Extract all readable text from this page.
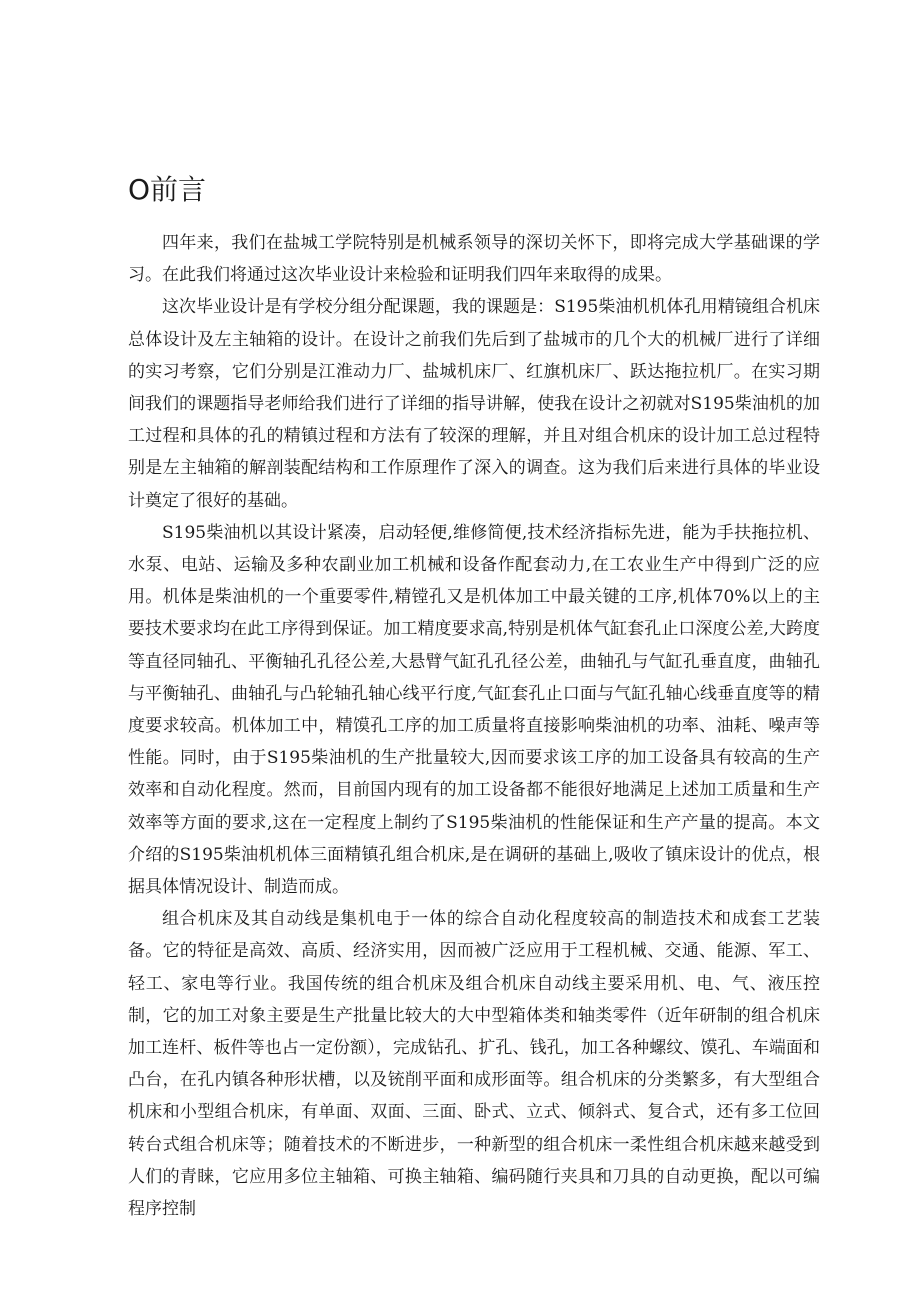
O前言

四年来，我们在盐城工学院特别是机械系领导的深切关怀下，即将完成大学基础课的学习。在此我们将通过这次毕业设计来检验和证明我们四年来取得的成果。

这次毕业设计是有学校分组分配课题，我的课题是：S195柴油机机体孔用精镜组合机床总体设计及左主轴箱的设计。在设计之前我们先后到了盐城市的几个大的机械厂进行了详细的实习考察，它们分别是江淮动力厂、盐城机床厂、红旗机床厂、跃达拖拉机厂。在实习期间我们的课题指导老师给我们进行了详细的指导讲解，使我在设计之初就对S195柴油机的加工过程和具体的孔的精镇过程和方法有了较深的理解，并且对组合机床的设计加工总过程特别是左主轴箱的解剖装配结构和工作原理作了深入的调查。这为我们后来进行具体的毕业设计奠定了很好的基础。

S195柴油机以其设计紧凑，启动轻便,维修简便,技术经济指标先进，能为手扶拖拉机、水泵、电站、运输及多种农副业加工机械和设备作配套动力,在工农业生产中得到广泛的应用。机体是柴油机的一个重要零件,精镗孔又是机体加工中最关键的工序,机体70%以上的主要技术要求均在此工序得到保证。加工精度要求高,特别是机体气缸套孔止口深度公差,大跨度等直径同轴孔、平衡轴孔孔径公差,大悬臂气缸孔孔径公差，曲轴孔与气缸孔垂直度，曲轴孔与平衡轴孔、曲轴孔与凸轮轴孔轴心线平行度,气缸套孔止口面与气缸孔轴心线垂直度等的精度要求较高。机体加工中，精馍孔工序的加工质量将直接影响柴油机的功率、油耗、噪声等性能。同时，由于S195柴油机的生产批量较大,因而要求该工序的加工设备具有较高的生产效率和自动化程度。然而，目前国内现有的加工设备都不能很好地满足上述加工质量和生产效率等方面的要求,这在一定程度上制约了S195柴油机的性能保证和生产产量的提高。本文介绍的S195柴油机机体三面精镇孔组合机床,是在调研的基础上,吸收了镇床设计的优点，根据具体情况设计、制造而成。

组合机床及其自动线是集机电于一体的综合自动化程度较高的制造技术和成套工艺装备。它的特征是高效、高质、经济实用，因而被广泛应用于工程机械、交通、能源、军工、轻工、家电等行业。我国传统的组合机床及组合机床自动线主要采用机、电、气、液压控制，它的加工对象主要是生产批量比较大的大中型箱体类和轴类零件（近年研制的组合机床加工连杆、板件等也占一定份额），完成钻孔、扩孔、钱孔，加工各种螺纹、馍孔、车端面和凸台，在孔内镇各种形状槽，以及铳削平面和成形面等。组合机床的分类繁多，有大型组合机床和小型组合机床，有单面、双面、三面、卧式、立式、倾斜式、复合式，还有多工位回转台式组合机床等；随着技术的不断进步，一种新型的组合机床一柔性组合机床越来越受到人们的青睐，它应用多位主轴箱、可换主轴箱、编码随行夹具和刀具的自动更换，配以可编程序控制
